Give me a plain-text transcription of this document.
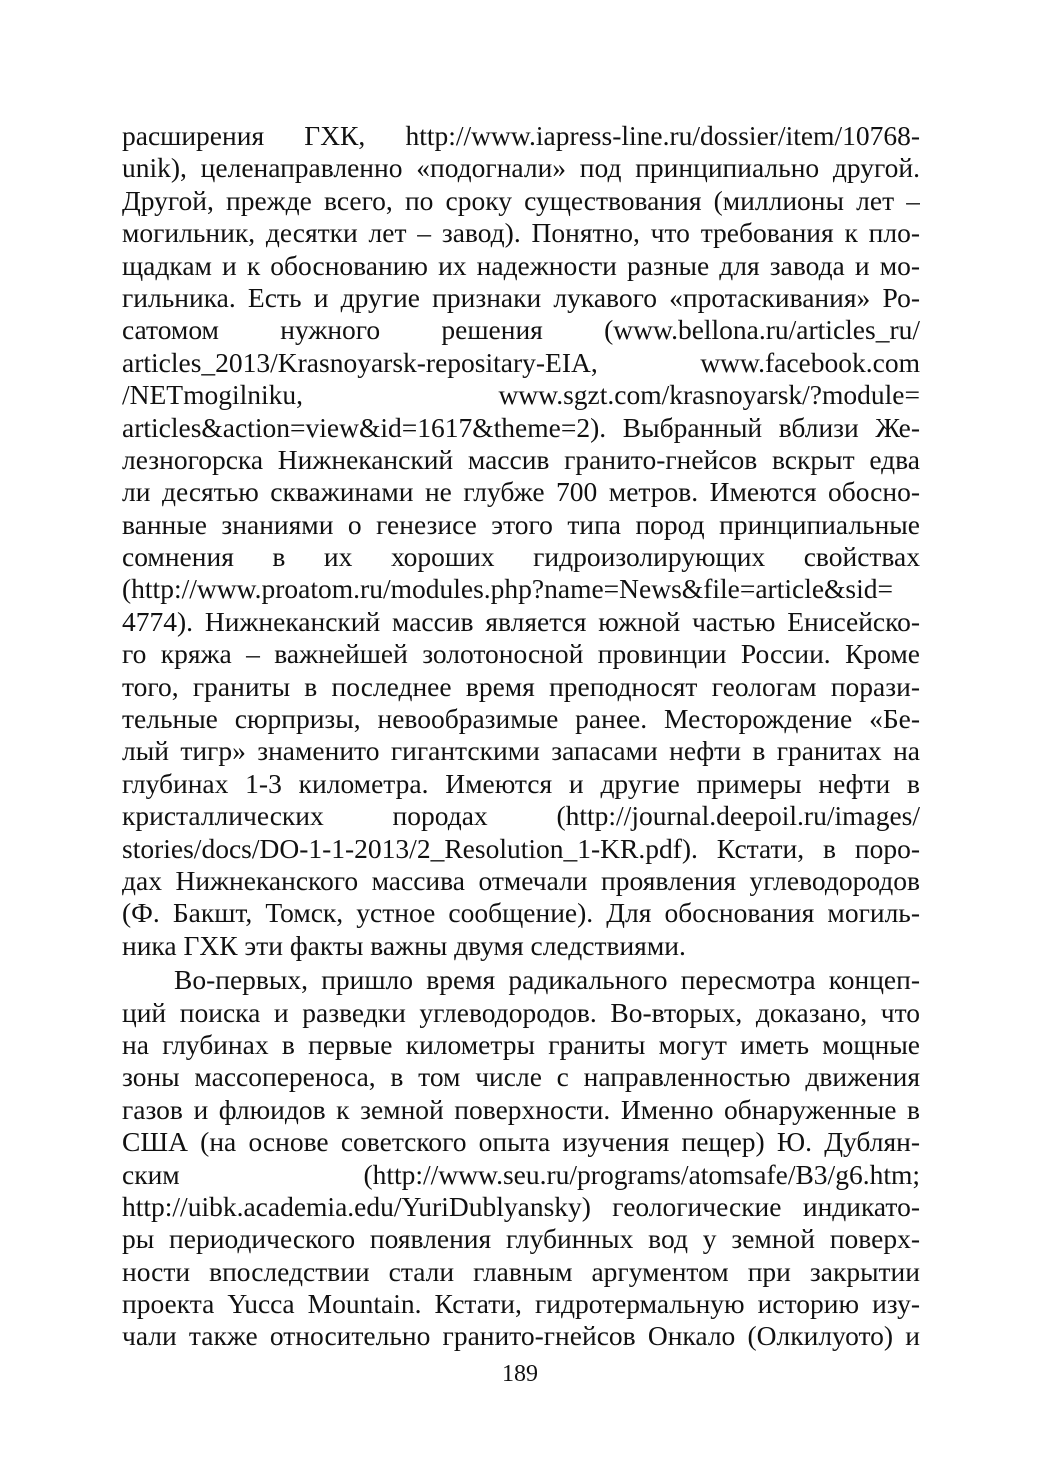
расширения ГХК, http://www.iapress-line.ru/dossier/item/10768-
unik), целенаправленно «подогнали» под принципиально другой.
Другой, прежде всего, по сроку существования (миллионы лет –
могильник, десятки лет – завод). Понятно, что требования к пло-
щадкам и к обоснованию их надежности разные для завода и мо-
гильника. Есть и другие признаки лукавого «протаскивания» Ро-
сатомом нужного решения (www.bellona.ru/articles_ru/
articles_2013/Krasnoyarsk-repositary-EIA, www.facebook.com
/NETmogilniku, www.sgzt.com/krasnoyarsk/?module=
articles&action=view&id=1617&theme=2). Выбранный вблизи Же-
лезногорска Нижнеканский массив гранито-гнейсов вскрыт едва
ли десятью скважинами не глубже 700 метров. Имеются обосно-
ванные знаниями о генезисе этого типа пород принципиальные
сомнения в их хороших гидроизолирующих свойствах
(http://www.proatom.ru/modules.php?name=News&file=article&sid=
4774). Нижнеканский массив является южной частью Енисейско-
го кряжа – важнейшей золотоносной провинции России. Кроме
того, граниты в последнее время преподносят геологам порази-
тельные сюрпризы, невообразимые ранее. Месторождение «Бе-
лый тигр» знаменито гигантскими запасами нефти в гранитах на
глубинах 1-3 километра. Имеются и другие примеры нефти в
кристаллических породах (http://journal.deepoil.ru/images/
stories/docs/DO-1-1-2013/2_Resolution_1-KR.pdf). Кстати, в поро-
дах Нижнеканского массива отмечали проявления углеводородов
(Ф. Бакшт, Томск, устное сообщение). Для обоснования могиль-
ника ГХК эти факты важны двумя следствиями.
Во-первых, пришло время радикального пересмотра концеп-
ций поиска и разведки углеводородов. Во-вторых, доказано, что
на глубинах в первые километры граниты могут иметь мощные
зоны массопереноса, в том числе с направленностью движения
газов и флюидов к земной поверхности. Именно обнаруженные в
США (на основе советского опыта изучения пещер) Ю. Дублян-
ским (http://www.seu.ru/programs/atomsafe/B3/g6.htm;
http://uibk.academia.edu/YuriDublyansky) геологические индикато-
ры периодического появления глубинных вод у земной поверх-
ности впоследствии стали главным аргументом при закрытии
проекта Yucca Mountain. Кстати, гидротермальную историю изу-
чали также относительно гранито-гнейсов Онкало (Олкилуото) и
189
